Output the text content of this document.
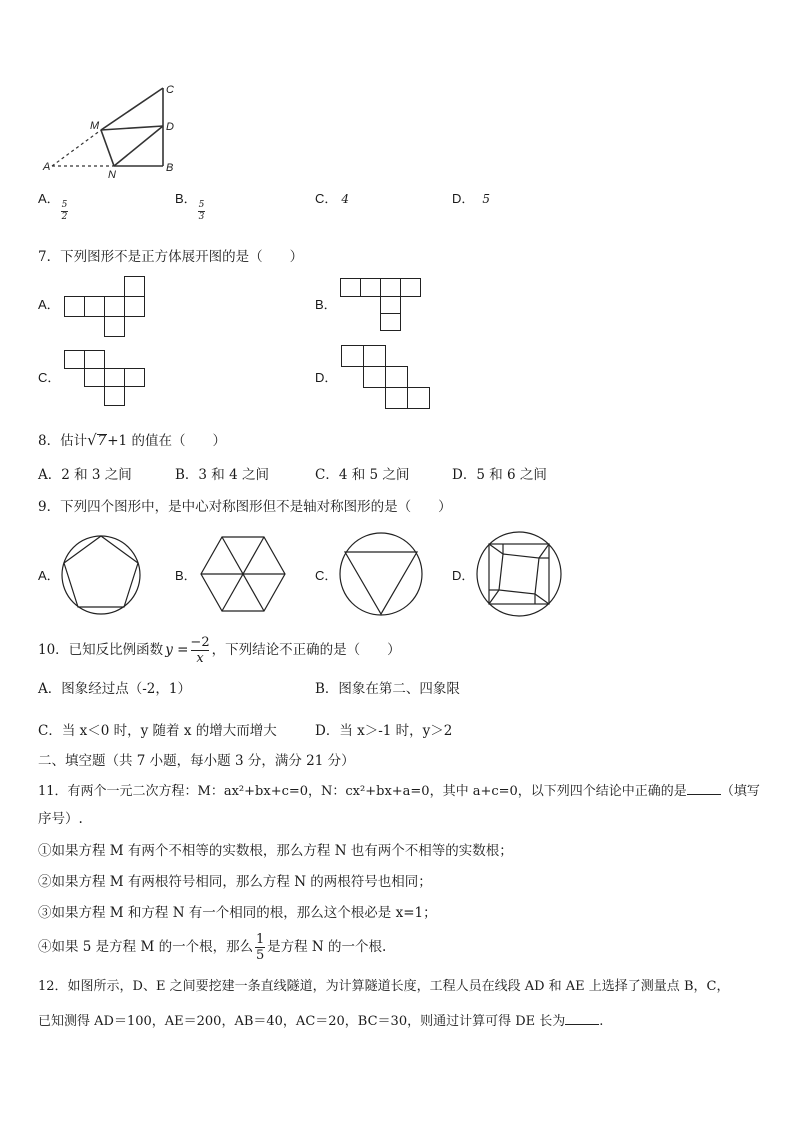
C
D
B
M
N
A
A． 5
2
B． 5
3
C． 4	D． 5
7．下列图形不是正方体展开图的是（　　）
A．	B．
C．	D．
8．估计√7+1 的值在（　　）
A．2 和 3 之间	B．3 和 4 之间	C．4 和 5 之间	D．5 和 6 之间
9．下列四个图形中，是中心对称图形但不是轴对称图形的是（　　）
A．	B．	C．	D．
10．已知反比例函数 $y = \frac{-2}{x}$ ，下列结论不正确的是（　　）
A．图象经过点（-2，1）	B．图象在第二、四象限
C．当 x＜0 时，y 随着 x 的增大而增大	D．当 x＞-1 时，y＞2
二、填空题（共 7 小题，每小题 3 分，满分 21 分）
11．有两个一元二次方程：M：ax²+bx+c=0，N：cx²+bx+a=0，其中 a+c=0，以下列四个结论中正确的是	（填写
序号）.
①如果方程 M 有两个不相等的实数根，那么方程 N 也有两个不相等的实数根；
②如果方程 M 有两根符号相同，那么方程 N 的两根符号也相同；
③如果方程 M 和方程 N 有一个相同的根，那么这个根必是 x=1；
④如果 5 是方程 M 的一个根，那么 $\frac{1}{5}$ 是方程 N 的一个根.
12．如图所示，D、E 之间要挖建一条直线隧道，为计算隧道长度，工程人员在线段 AD 和 AE 上选择了测量点 B，C，
已知测得 AD＝100，AE＝200，AB＝40，AC＝20，BC＝30，则通过计算可得 DE 长为	.
